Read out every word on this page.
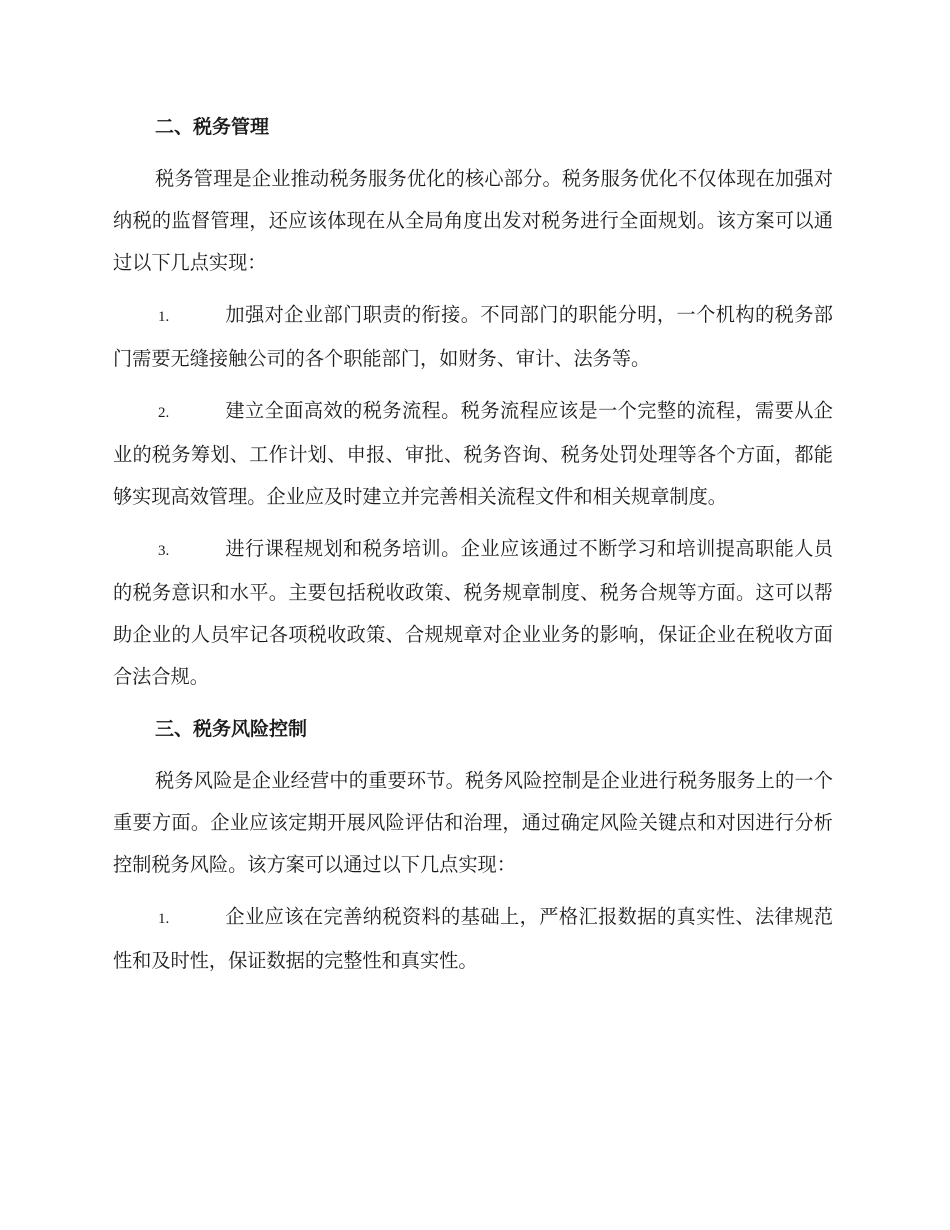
二、税务管理

税务管理是企业推动税务服务优化的核心部分。税务服务优化不仅体现在加强对纳税的监督管理，还应该体现在从全局角度出发对税务进行全面规划。该方案可以通过以下几点实现：

1.	加强对企业部门职责的衔接。不同部门的职能分明，一个机构的税务部门需要无缝接触公司的各个职能部门，如财务、审计、法务等。

2.	建立全面高效的税务流程。税务流程应该是一个完整的流程，需要从企业的税务筹划、工作计划、申报、审批、税务咨询、税务处罚处理等各个方面，都能够实现高效管理。企业应及时建立并完善相关流程文件和相关规章制度。

3.	进行课程规划和税务培训。企业应该通过不断学习和培训提高职能人员的税务意识和水平。主要包括税收政策、税务规章制度、税务合规等方面。这可以帮助企业的人员牢记各项税收政策、合规规章对企业业务的影响，保证企业在税收方面合法合规。

三、税务风险控制

税务风险是企业经营中的重要环节。税务风险控制是企业进行税务服务上的一个重要方面。企业应该定期开展风险评估和治理，通过确定风险关键点和对因进行分析控制税务风险。该方案可以通过以下几点实现：

1.	企业应该在完善纳税资料的基础上，严格汇报数据的真实性、法律规范性和及时性，保证数据的完整性和真实性。
